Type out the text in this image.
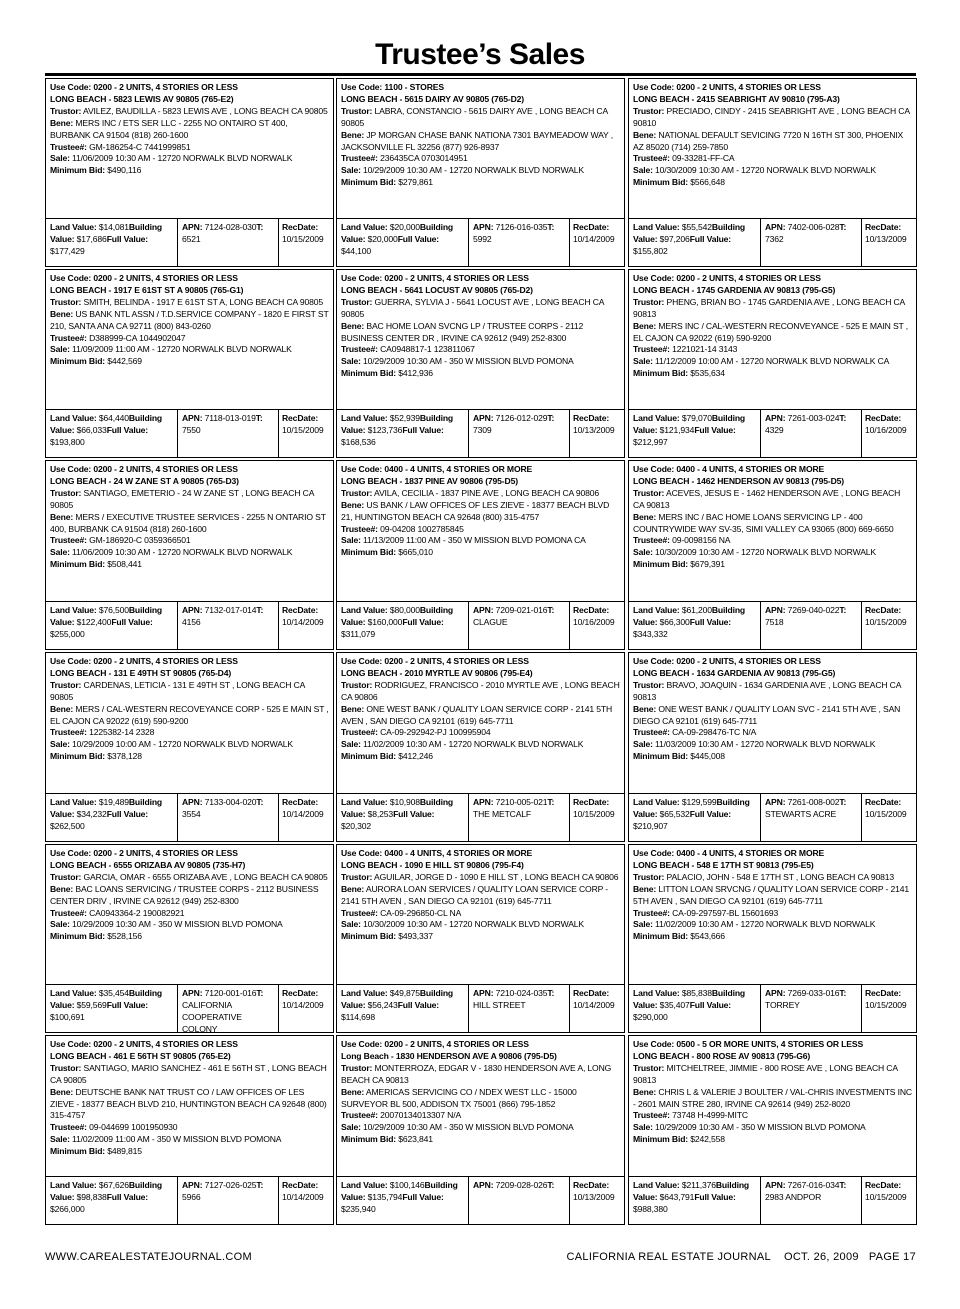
Trustee’s Sales
Use Code: 0200 - 2 UNITS, 4 STORIES OR LESS
LONG BEACH - 5823 LEWIS AV 90805 (765-E2)
Trustor: AVILEZ, BAUDILLA - 5823 LEWIS AVE , LONG BEACH CA 90805
Bene: MERS INC / ETS SER LLC - 2255 NO ONTAIRO ST 400, BURBANK CA 91504 (818) 260-1600
Trustee#: GM-186254-C 7441999851
Sale: 11/06/2009 10:30 AM - 12720 NORWALK BLVD NORWALK
Minimum Bid: $490,116
Land Value: $14,081Building Value: $17,686Full Value: $177,429
APN: 7124-028-030T: 6521
RecDate:
10/15/2009
Use Code: 1100 - STORES
LONG BEACH - 5615 DAIRY AV 90805 (765-D2)
Trustor: LABRA, CONSTANCIO - 5615 DAIRY AVE , LONG BEACH CA 90805
Bene: JP MORGAN CHASE BANK NATIONA 7301 BAYMEADOW WAY , JACKSONVILLE FL 32256 (877) 926-8937
Trustee#: 236435CA 0703014951
Sale: 10/29/2009 10:30 AM - 12720 NORWALK BLVD NORWALK
Minimum Bid: $279,861
Land Value: $20,000Building Value: $20,000Full Value: $44,100
APN: 7126-016-035T: 5992
RecDate:
10/14/2009
Use Code: 0200 - 2 UNITS, 4 STORIES OR LESS
LONG BEACH - 2415 SEABRIGHT AV 90810 (795-A3)
Trustor: PRECIADO, CINDY - 2415 SEABRIGHT AVE , LONG BEACH CA 90810
Bene: NATIONAL DEFAULT SEVICING 7720 N 16TH ST 300, PHOENIX AZ 85020 (714) 259-7850
Trustee#: 09-33281-FF-CA
Sale: 10/30/2009 10:30 AM - 12720 NORWALK BLVD NORWALK
Minimum Bid: $566,648
Land Value: $55,542Building Value: $97,206Full Value: $155,802
APN: 7402-006-028T: 7362
RecDate:
10/13/2009
Use Code: 0200 - 2 UNITS, 4 STORIES OR LESS
LONG BEACH - 1917 E 61ST ST A 90805 (765-G1)
Trustor: SMITH, BELINDA - 1917 E 61ST ST A, LONG BEACH CA 90805
Bene: US BANK NTL ASSN / T.D.SERVICE COMPANY - 1820 E FIRST ST 210, SANTA ANA CA 92711 (800) 843-0260
Trustee#: D388999-CA 1044902047
Sale: 11/09/2009 11:00 AM - 12720 NORWALK BLVD NORWALK
Minimum Bid: $442,569
Land Value: $64,440Building Value: $66,033Full Value: $193,800
APN: 7118-013-019T: 7550
RecDate:
10/15/2009
Use Code: 0200 - 2 UNITS, 4 STORIES OR LESS
LONG BEACH - 5641 LOCUST AV 90805 (765-D2)
Trustor: GUERRA, SYLVIA J - 5641 LOCUST AVE , LONG BEACH CA 90805
Bene: BAC HOME LOAN SVCNG LP / TRUSTEE CORPS - 2112 BUSINESS CENTER DR , IRVINE CA 92612 (949) 252-8300
Trustee#: CA0948817-1 123811067
Sale: 10/29/2009 10:30 AM - 350 W MISSION BLVD POMONA
Minimum Bid: $412,936
Land Value: $52,939Building Value: $123,736Full Value: $168,536
APN: 7126-012-029T: 7309
RecDate:
10/13/2009
Use Code: 0200 - 2 UNITS, 4 STORIES OR LESS
LONG BEACH - 1745 GARDENIA AV 90813 (795-G5)
Trustor: PHENG, BRIAN BO - 1745 GARDENIA AVE , LONG BEACH CA 90813
Bene: MERS INC / CAL-WESTERN RECONVEYANCE - 525 E MAIN ST , EL CAJON CA 92022 (619) 590-9200
Trustee#: 1221021-14 3143
Sale: 11/12/2009 10:00 AM - 12720 NORWALK BLVD NORWALK CA
Minimum Bid: $535,634
Land Value: $79,070Building Value: $121,934Full Value: $212,997
APN: 7261-003-024T: 4329
RecDate:
10/16/2009
Use Code: 0200 - 2 UNITS, 4 STORIES OR LESS
LONG BEACH - 24 W ZANE ST A 90805 (765-D3)
Trustor: SANTIAGO, EMETERIO - 24 W ZANE ST , LONG BEACH CA 90805
Bene: MERS / EXECUTIVE TRUSTEE SERVICES - 2255 N ONTARIO ST 400, BURBANK CA 91504 (818) 260-1600
Trustee#: GM-186920-C 0359366501
Sale: 11/06/2009 10:30 AM - 12720 NORWALK BLVD NORWALK
Minimum Bid: $508,441
Land Value: $76,500Building Value: $122,400Full Value: $255,000
APN: 7132-017-014T: 4156
RecDate:
10/14/2009
Use Code: 0400 - 4 UNITS, 4 STORIES OR MORE
LONG BEACH - 1837 PINE AV 90806 (795-D5)
Trustor: AVILA, CECILIA - 1837 PINE AVE , LONG BEACH CA 90806
Bene: US BANK / LAW OFFICES OF LES ZIEVE - 18377 BEACH BLVD 21, HUNTINGTON BEACH CA 92648 (800) 315-4757
Trustee#: 09-04208 1002785845
Sale: 11/13/2009 11:00 AM - 350 W MISSION BLVD POMONA CA
Minimum Bid: $665,010
Land Value: $80,000Building Value: $160,000Full Value: $311,079
APN: 7209-021-016T: CLAGUE
RecDate:
10/16/2009
Use Code: 0400 - 4 UNITS, 4 STORIES OR MORE
LONG BEACH - 1462 HENDERSON AV 90813 (795-D5)
Trustor: ACEVES, JESUS E - 1462 HENDERSON AVE , LONG BEACH CA 90813
Bene: MERS INC / BAC HOME LOANS SERVICING LP - 400 COUNTRYWIDE WAY SV-35, SIMI VALLEY CA 93065 (800) 669-6650
Trustee#: 09-0098156 NA
Sale: 10/30/2009 10:30 AM - 12720 NORWALK BLVD NORWALK
Minimum Bid: $679,391
Land Value: $61,200Building Value: $66,300Full Value: $343,332
APN: 7269-040-022T: 7518
RecDate:
10/15/2009
Use Code: 0200 - 2 UNITS, 4 STORIES OR LESS
LONG BEACH - 131 E 49TH ST 90805 (765-D4)
Trustor: CARDENAS, LETICIA - 131 E 49TH ST , LONG BEACH CA 90805
Bene: MERS / CAL-WESTERN RECOVEYANCE CORP - 525 E MAIN ST , EL CAJON CA 92022 (619) 590-9200
Trustee#: 1225382-14 2328
Sale: 10/29/2009 10:00 AM - 12720 NORWALK BLVD NORWALK
Minimum Bid: $378,128
Land Value: $19,489Building Value: $34,232Full Value: $262,500
APN: 7133-004-020T: 3554
RecDate:
10/14/2009
Use Code: 0200 - 2 UNITS, 4 STORIES OR LESS
LONG BEACH - 2010 MYRTLE AV 90806 (795-E4)
Trustor: RODRIGUEZ, FRANCISCO - 2010 MYRTLE AVE , LONG BEACH CA 90806
Bene: ONE WEST BANK / QUALITY LOAN SERVICE CORP - 2141 5TH AVEN , SAN DIEGO CA 92101 (619) 645-7711
Trustee#: CA-09-292942-PJ 100995904
Sale: 11/02/2009 10:30 AM - 12720 NORWALK BLVD NORWALK
Minimum Bid: $412,246
Land Value: $10,908Building Value: $8,253Full Value: $20,302
APN: 7210-005-021T: THE METCALF
RecDate:
10/15/2009
Use Code: 0200 - 2 UNITS, 4 STORIES OR LESS
LONG BEACH - 1634 GARDENIA AV 90813 (795-G5)
Trustor: BRAVO, JOAQUIN - 1634 GARDENIA AVE , LONG BEACH CA 90813
Bene: ONE WEST BANK / QUALITY LOAN SVC - 2141 5TH AVE , SAN DIEGO CA 92101 (619) 645-7711
Trustee#: CA-09-298476-TC N/A
Sale: 11/03/2009 10:30 AM - 12720 NORWALK BLVD NORWALK
Minimum Bid: $445,008
Land Value: $129,599Building Value: $65,532Full Value: $210,907
APN: 7261-008-002T: STEWARTS ACRE
RecDate:
10/15/2009
Use Code: 0200 - 2 UNITS, 4 STORIES OR LESS
LONG BEACH - 6555 ORIZABA AV 90805 (735-H7)
Trustor: GARCIA, OMAR - 6555 ORIZABA AVE , LONG BEACH CA 90805
Bene: BAC LOANS SERVICING / TRUSTEE CORPS - 2112 BUSINESS CENTER DRIV , IRVINE CA 92612 (949) 252-8300
Trustee#: CA0943364-2 190082921
Sale: 10/29/2009 10:30 AM - 350 W MISSION BLVD POMONA
Minimum Bid: $528,156
Land Value: $35,454Building Value: $59,569Full Value: $100,691
APN: 7120-001-016T: CALIFORNIA COOPERATIVE COLONY
RecDate:
10/14/2009
Use Code: 0400 - 4 UNITS, 4 STORIES OR MORE
LONG BEACH - 1090 E HILL ST 90806 (795-F4)
Trustor: AGUILAR, JORGE D - 1090 E HILL ST , LONG BEACH CA 90806
Bene: AURORA LOAN SERVICES / QUALITY LOAN SERVICE CORP - 2141 5TH AVEN , SAN DIEGO CA 92101 (619) 645-7711
Trustee#: CA-09-296850-CL NA
Sale: 10/30/2009 10:30 AM - 12720 NORWALK BLVD NORWALK
Minimum Bid: $493,337
Land Value: $49,875Building Value: $56,243Full Value: $114,698
APN: 7210-024-035T: HILL STREET
RecDate:
10/14/2009
Use Code: 0400 - 4 UNITS, 4 STORIES OR MORE
LONG BEACH - 548 E 17TH ST 90813 (795-E5)
Trustor: PALACIO, JOHN - 548 E 17TH ST , LONG BEACH CA 90813
Bene: LITTON LOAN SRVCNG / QUALITY LOAN SERVICE CORP - 2141 5TH AVEN , SAN DIEGO CA 92101 (619) 645-7711
Trustee#: CA-09-297597-BL 15601693
Sale: 11/02/2009 10:30 AM - 12720 NORWALK BLVD NORWALK
Minimum Bid: $543,666
Land Value: $85,838Building Value: $35,407Full Value: $290,000
APN: 7269-033-016T: TORREY
RecDate:
10/15/2009
Use Code: 0200 - 2 UNITS, 4 STORIES OR LESS
LONG BEACH - 461 E 56TH ST 90805 (765-E2)
Trustor: SANTIAGO, MARIO SANCHEZ - 461 E 56TH ST , LONG BEACH CA 90805
Bene: DEUTSCHE BANK NAT TRUST CO / LAW OFFICES OF LES ZIEVE - 18377 BEACH BLVD 210, HUNTINGTON BEACH CA 92648 (800) 315-4757
Trustee#: 09-044699 1001950930
Sale: 11/02/2009 11:00 AM - 350 W MISSION BLVD POMONA
Minimum Bid: $489,815
Land Value: $67,626Building Value: $98,838Full Value: $266,000
APN: 7127-026-025T: 5966
RecDate:
10/14/2009
Use Code: 0200 - 2 UNITS, 4 STORIES OR LESS
Long Beach - 1830 HENDERSON AVE A 90806 (795-D5)
Trustor: MONTERROZA, EDGAR V - 1830 HENDERSON AVE A, LONG BEACH CA 90813
Bene: AMERICAS SERVICING CO / NDEX WEST LLC - 15000 SURVEYOR BL 500, ADDISON TX 75001 (866) 795-1852
Trustee#: 20070134013307 N/A
Sale: 10/29/2009 10:30 AM - 350 W MISSION BLVD POMONA
Minimum Bid: $623,841
Land Value: $100,146Building Value: $135,794Full Value: $235,940
APN: 7209-028-026T:	RecDate:
10/13/2009
Use Code: 0500 - 5 OR MORE UNITS, 4 STORIES OR LESS
LONG BEACH - 800 ROSE AV 90813 (795-G6)
Trustor: MITCHELTREE, JIMMIE - 800 ROSE AVE , LONG BEACH CA 90813
Bene: CHRIS L & VALERIE J BOULTER / VAL-CHRIS INVESTMENTS INC - 2601 MAIN STRE 280, IRVINE CA 92614 (949) 252-8020
Trustee#: 73748 H-4999-MITC
Sale: 10/29/2009 10:30 AM - 350 W MISSION BLVD POMONA
Minimum Bid: $242,558
Land Value: $211,376Building Value: $643,791Full Value: $988,380
APN: 7267-016-034T: 2983 ANDPOR
RecDate:
10/15/2009
WWW.CAREALESTATEJOURNAL.COM	CALIFORNIA REAL ESTATE JOURNAL    OCT. 26, 2009   PAGE 17
